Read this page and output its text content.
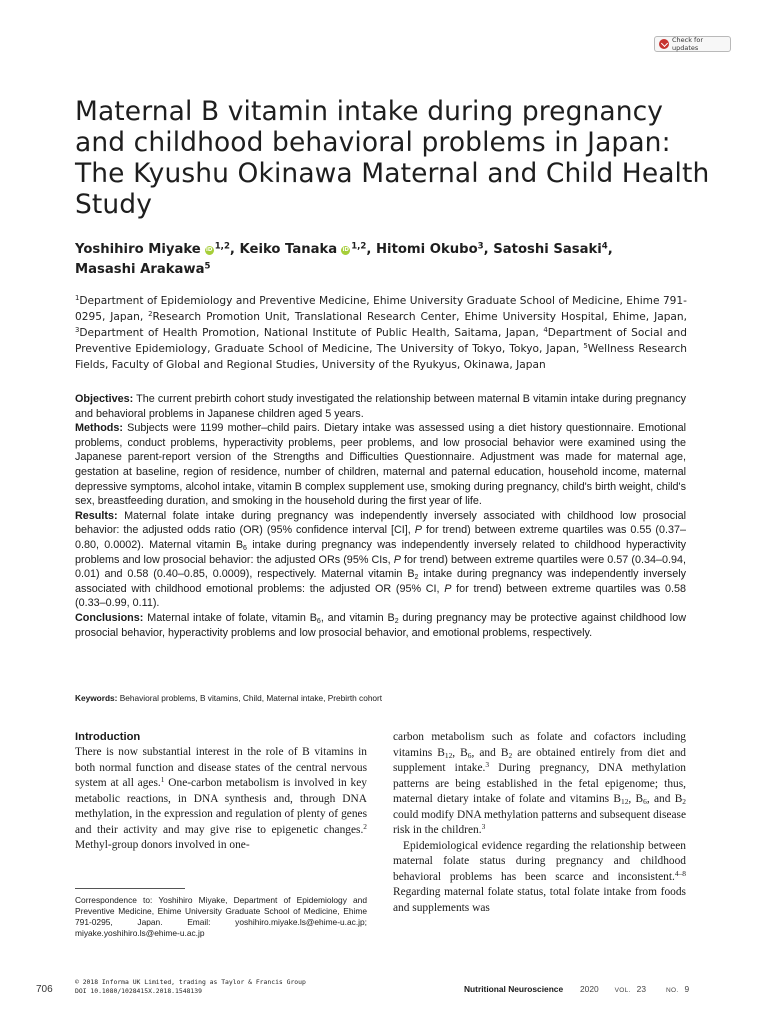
Check for updates
Maternal B vitamin intake during pregnancy and childhood behavioral problems in Japan: The Kyushu Okinawa Maternal and Child Health Study
Yoshihiro Miyake iD $^{1,2}$, Keiko Tanaka iD $^{1,2}$, Hitomi Okubo$^3$, Satoshi Sasaki$^4$,
Masashi Arakawa$^5$
$^1$Department of Epidemiology and Preventive Medicine, Ehime University Graduate School of Medicine, Ehime 791-0295, Japan, $^2$Research Promotion Unit, Translational Research Center, Ehime University Hospital, Ehime, Japan, $^3$Department of Health Promotion, National Institute of Public Health, Saitama, Japan, $^4$Department of Social and Preventive Epidemiology, Graduate School of Medicine, The University of Tokyo, Tokyo, Japan, $^5$Wellness Research Fields, Faculty of Global and Regional Studies, University of the Ryukyus, Okinawa, Japan

Objectives: The current prebirth cohort study investigated the relationship between maternal B vitamin intake during pregnancy and behavioral problems in Japanese children aged 5 years.

Methods: Subjects were 1199 mother–child pairs. Dietary intake was assessed using a diet history questionnaire. Emotional problems, conduct problems, hyperactivity problems, peer problems, and low prosocial behavior were examined using the Japanese parent-report version of the Strengths and Difficulties Questionnaire. Adjustment was made for maternal age, gestation at baseline, region of residence, number of children, maternal and paternal education, household income, maternal depressive symptoms, alcohol intake, vitamin B complex supplement use, smoking during pregnancy, child's birth weight, child's sex, breastfeeding duration, and smoking in the household during the first year of life.

Results: Maternal folate intake during pregnancy was independently inversely associated with childhood low prosocial behavior: the adjusted odds ratio (OR) (95% confidence interval [CI], P for trend) between extreme quartiles was 0.55 (0.37–0.80, 0.0002). Maternal vitamin $B_6$ intake during pregnancy was independently inversely related to childhood hyperactivity problems and low prosocial behavior: the adjusted ORs (95% CIs, P for trend) between extreme quartiles were 0.57 (0.34–0.94, 0.01) and 0.58 (0.40–0.85, 0.0009), respectively. Maternal vitamin $B_2$ intake during pregnancy was independently inversely associated with childhood emotional problems: the adjusted OR (95% CI, P for trend) between extreme quartiles was 0.58 (0.33–0.99, 0.11).

Conclusions: Maternal intake of folate, vitamin $B_6$, and vitamin $B_2$ during pregnancy may be protective against childhood low prosocial behavior, hyperactivity problems and low prosocial behavior, and emotional problems, respectively.

Keywords: Behavioral problems, B vitamins, Child, Maternal intake, Prebirth cohort
Introduction

There is now substantial interest in the role of B vitamins in both normal function and disease states of the central nervous system at all ages.$^1$ One-carbon metabolism is involved in key metabolic reactions, in DNA synthesis and, through DNA methylation, in the expression and regulation of plenty of genes and their activity and may give rise to epigenetic changes.$^2$ Methyl-group donors involved in one-

carbon metabolism such as folate and cofactors including vitamins $B_{12}$, $B_6$, and $B_2$ are obtained entirely from diet and supplement intake.$^3$ During pregnancy, DNA methylation patterns are being established in the fetal epigenome; thus, maternal dietary intake of folate and vitamins $B_{12}$, $B_6$, and $B_2$ could modify DNA methylation patterns and subsequent disease risk in the children.$^3$

Epidemiological evidence regarding the relationship between maternal folate status during pregnancy and childhood behavioral problems has been scarce and inconsistent.$^{4-8}$ Regarding maternal folate status, total folate intake from foods and supplements was

Correspondence to: Yoshihiro Miyake, Department of Epidemiology and Preventive Medicine, Ehime University Graduate School of Medicine, Ehime 791-0295, Japan. Email: yoshihiro.miyake.ls@ehime-u.ac.jp; miyake.yoshihiro.ls@ehime-u.ac.jp
706
© 2018 Informa UK Limited, trading as Taylor & Francis Group
DOI 10.1080/1028415X.2018.1548139	Nutritional Neuroscience 2020 VOL. 23	NO. 9
